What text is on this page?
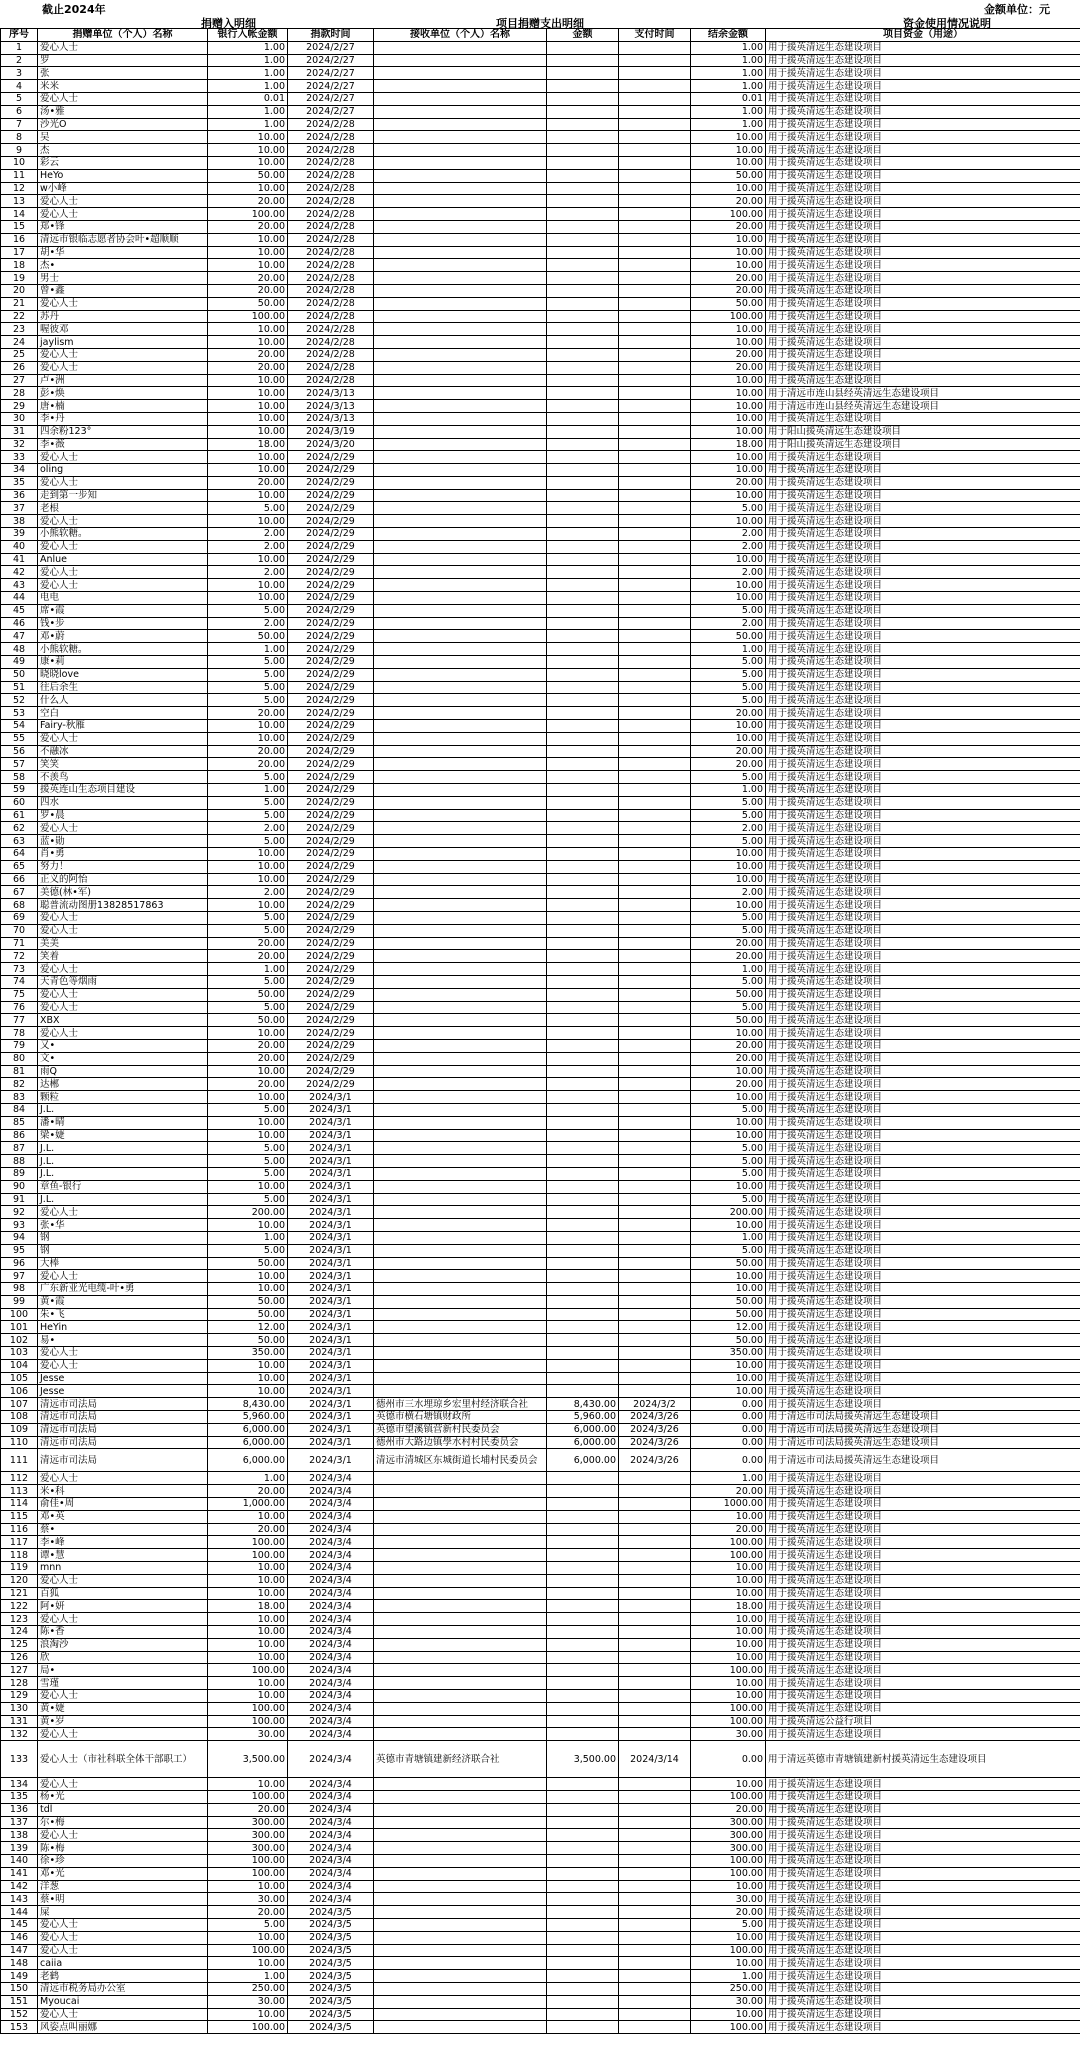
截止2024年	金额单位：元
捐赠入明细	项目捐赠支出明细	资金使用情况说明
序号	捐赠单位（个人）名称	银行入帐金额	捐款时间	接收单位（个人）名称	金额	支付时间	结余金额	项目资金（用途）
1	爱心人士	1.00	2024/2/27				1.00	用于援英清远生态建设项目
2	罗	1.00	2024/2/27				1.00	用于援英清远生态建设项目
3	张	1.00	2024/2/27				1.00	用于援英清远生态建设项目
4	米米	1.00	2024/2/27				1.00	用于援英清远生态建设项目
5	爱心人士	0.01	2024/2/27				0.01	用于援英清远生态建设项目
6	汤•雅	1.00	2024/2/27				1.00	用于援英清远生态建设项目
7	沙光O	1.00	2024/2/28				1.00	用于援英清远生态建设项目
8	吴	10.00	2024/2/28				10.00	用于援英清远生态建设项目
9	杰	10.00	2024/2/28				10.00	用于援英清远生态建设项目
10	彩云	10.00	2024/2/28				10.00	用于援英清远生态建设项目
11	HeYo	50.00	2024/2/28				50.00	用于援英清远生态建设项目
12	w小峰	10.00	2024/2/28				10.00	用于援英清远生态建设项目
13	爱心人士	20.00	2024/2/28				20.00	用于援英清远生态建设项目
14	爱心人士	100.00	2024/2/28				100.00	用于援英清远生态建设项目
15	郑•锋	20.00	2024/2/28				20.00	用于援英清远生态建设项目
16	清远市银临志愿者协会叶•超顺顺	10.00	2024/2/28				10.00	用于援英清远生态建设项目
17	胡•华	10.00	2024/2/28				10.00	用于援英清远生态建设项目
18	杰•	10.00	2024/2/28				10.00	用于援英清远生态建设项目
19	男士	20.00	2024/2/28				20.00	用于援英清远生态建设项目
20	曾•鑫	20.00	2024/2/28				20.00	用于援英清远生态建设项目
21	爱心人士	50.00	2024/2/28				50.00	用于援英清远生态建设项目
22	苏丹	100.00	2024/2/28				100.00	用于援英清远生态建设项目
23	喔彼邓	10.00	2024/2/28				10.00	用于援英清远生态建设项目
24	jaylism	10.00	2024/2/28				10.00	用于援英清远生态建设项目
25	爱心人士	20.00	2024/2/28				20.00	用于援英清远生态建设项目
26	爱心人士	20.00	2024/2/28				20.00	用于援英清远生态建设项目
27	卢•洲	10.00	2024/2/28				10.00	用于援英清远生态建设项目
28	彭•焕	10.00	2024/3/13				10.00	用于清远市连山县经英清远生态建设项目
29	唐•楠	10.00	2024/3/13				10.00	用于清远市连山县经英清远生态建设项目
30	李•丹	10.00	2024/3/13				10.00	用于援英清远生态建设项目
31	四余粉123°	10.00	2024/3/19				10.00	用于阳山援英清远生态建设项目
32	李•薇	18.00	2024/3/20				18.00	用于阳山援英清远生态建设项目
33	爱心人士	10.00	2024/2/29				10.00	用于援英清远生态建设项目
34	oling	10.00	2024/2/29				10.00	用于援英清远生态建设项目
35	爱心人士	20.00	2024/2/29				20.00	用于援英清远生态建设项目
36	走到第一步知	10.00	2024/2/29				10.00	用于援英清远生态建设项目
37	老根	5.00	2024/2/29				5.00	用于援英清远生态建设项目
38	爱心人士	10.00	2024/2/29				10.00	用于援英清远生态建设项目
39	小熊软糖。	2.00	2024/2/29				2.00	用于援英清远生态建设项目
40	爱心人士	2.00	2024/2/29				2.00	用于援英清远生态建设项目
41	Anlue	10.00	2024/2/29				10.00	用于援英清远生态建设项目
42	爱心人士	2.00	2024/2/29				2.00	用于援英清远生态建设项目
43	爱心人士	10.00	2024/2/29				10.00	用于援英清远生态建设项目
44	电电	10.00	2024/2/29				10.00	用于援英清远生态建设项目
45	席•霞	5.00	2024/2/29				5.00	用于援英清远生态建设项目
46	钱•步	2.00	2024/2/29				2.00	用于援英清远生态建设项目
47	邓•蔚	50.00	2024/2/29				50.00	用于援英清远生态建设项目
48	小熊软糖。	1.00	2024/2/29				1.00	用于援英清远生态建设项目
49	康•莉	5.00	2024/2/29				5.00	用于援英清远生态建设项目
50	晓晓love	5.00	2024/2/29				5.00	用于援英清远生态建设项目
51	往后余生	5.00	2024/2/29				5.00	用于援英清远生态建设项目
52	什么人	5.00	2024/2/29				5.00	用于援英清远生态建设项目
53	空白	20.00	2024/2/29				20.00	用于援英清远生态建设项目
54	Fairy-秋雁	10.00	2024/2/29				10.00	用于援英清远生态建设项目
55	爱心人士	10.00	2024/2/29				10.00	用于援英清远生态建设项目
56	不融冰	20.00	2024/2/29				20.00	用于援英清远生态建设项目
57	笑笑	20.00	2024/2/29				20.00	用于援英清远生态建设项目
58	不羡鸟	5.00	2024/2/29				5.00	用于援英清远生态建设项目
59	援英连山生态项目建设	1.00	2024/2/29				1.00	用于援英清远生态建设项目
60	四水	5.00	2024/2/29				5.00	用于援英清远生态建设项目
61	罗•晨	5.00	2024/2/29				5.00	用于援英清远生态建设项目
62	爱心人士	2.00	2024/2/29				2.00	用于援英清远生态建设项目
63	蓝•勋	5.00	2024/2/29				5.00	用于援英清远生态建设项目
64	肖•勇	10.00	2024/2/29				10.00	用于援英清远生态建设项目
65	努力！	10.00	2024/2/29				10.00	用于援英清远生态建设项目
66	正义的阿怡	10.00	2024/2/29				10.00	用于援英清远生态建设项目
67	美德(林•军)	2.00	2024/2/29				2.00	用于援英清远生态建设项目
68	聪普流动图册13828517863	10.00	2024/2/29				10.00	用于援英清远生态建设项目
69	爱心人士	5.00	2024/2/29				5.00	用于援英清远生态建设项目
70	爱心人士	5.00	2024/2/29				5.00	用于援英清远生态建设项目
71	美美	20.00	2024/2/29				20.00	用于援英清远生态建设项目
72	笑着	20.00	2024/2/29				20.00	用于援英清远生态建设项目
73	爱心人士	1.00	2024/2/29				1.00	用于援英清远生态建设项目
74	天青色等烟雨	5.00	2024/2/29				5.00	用于援英清远生态建设项目
75	爱心人士	50.00	2024/2/29				50.00	用于援英清远生态建设项目
76	爱心人士	5.00	2024/2/29				5.00	用于援英清远生态建设项目
77	XBX	50.00	2024/2/29				50.00	用于援英清远生态建设项目
78	爱心人士	10.00	2024/2/29				10.00	用于援英清远生态建设项目
79	又•	20.00	2024/2/29				20.00	用于援英清远生态建设项目
80	文•	20.00	2024/2/29				20.00	用于援英清远生态建设项目
81	雨Q	10.00	2024/2/29				10.00	用于援英清远生态建设项目
82	达郴	20.00	2024/2/29				20.00	用于援英清远生态建设项目
83	颗粒	10.00	2024/3/1				10.00	用于援英清远生态建设项目
84	J.L.	5.00	2024/3/1				5.00	用于援英清远生态建设项目
85	潘•晴	10.00	2024/3/1				10.00	用于援英清远生态建设项目
86	梁•婕	10.00	2024/3/1				10.00	用于援英清远生态建设项目
87	J.L.	5.00	2024/3/1				5.00	用于援英清远生态建设项目
88	J.L.	5.00	2024/3/1				5.00	用于援英清远生态建设项目
89	J.L.	5.00	2024/3/1				5.00	用于援英清远生态建设项目
90	章鱼-银行	10.00	2024/3/1				10.00	用于援英清远生态建设项目
91	J.L.	5.00	2024/3/1				5.00	用于援英清远生态建设项目
92	爱心人士	200.00	2024/3/1				200.00	用于援英清远生态建设项目
93	张•华	10.00	2024/3/1				10.00	用于援英清远生态建设项目
94	钢	1.00	2024/3/1				1.00	用于援英清远生态建设项目
95	钢	5.00	2024/3/1				5.00	用于援英清远生态建设项目
96	大棒	50.00	2024/3/1				50.00	用于援英清远生态建设项目
97	爱心人士	10.00	2024/3/1				10.00	用于援英清远生态建设项目
98	广东新亚光电缆-叶•勇	10.00	2024/3/1				10.00	用于援英清远生态建设项目
99	黄•霞	50.00	2024/3/1				50.00	用于援英清远生态建设项目
100	朱•飞	50.00	2024/3/1				50.00	用于援英清远生态建设项目
101	HeYin	12.00	2024/3/1				12.00	用于援英清远生态建设项目
102	易•	50.00	2024/3/1				50.00	用于援英清远生态建设项目
103	爱心人士	350.00	2024/3/1				350.00	用于援英清远生态建设项目
104	爱心人士	10.00	2024/3/1				10.00	用于援英清远生态建设项目
105	Jesse	10.00	2024/3/1				10.00	用于援英清远生态建设项目
106	Jesse	10.00	2024/3/1				10.00	用于援英清远生态建设项目
107	清远市司法局	8,430.00	2024/3/1	德州市三水埋琼乡宏里村经济联合社	8,430.00	2024/3/2	0.00	用于援英清远生态建设项目
108	清远市司法局	5,960.00	2024/3/1	英德市横石塘镇财政所	5,960.00	2024/3/26	0.00	用于清远市司法局援英清远生态建设项目
109	清远市司法局	6,000.00	2024/3/1	英德市望溪镇营新村民委员会	6,000.00	2024/3/26	0.00	用于清远市司法局援英清远生态建设项目
110	清远市司法局	6,000.00	2024/3/1	德州市大路边镇學水村村民委员会	6,000.00	2024/3/26	0.00	用于清远市司法局援英清远生态建设项目
111	清远市司法局	6,000.00	2024/3/1	清远市清城区东城街道长埔村民委员会	6,000.00	2024/3/26	0.00	用于清远市司法局援英清远生态建设项目
112	爱心人士	1.00	2024/3/4				1.00	用于援英清远生态建设项目
113	米•科	20.00	2024/3/4				20.00	用于援英清远生态建设项目
114	俞佳•周	1,000.00	2024/3/4				1000.00	用于援英清远生态建设项目
115	邓•英	10.00	2024/3/4				10.00	用于援英清远生态建设项目
116	蔡•	20.00	2024/3/4				20.00	用于援英清远生态建设项目
117	李•峰	100.00	2024/3/4				100.00	用于援英清远生态建设项目
118	谭•慧	100.00	2024/3/4				100.00	用于援英清远生态建设项目
119	mnn	10.00	2024/3/4				10.00	用于援英清远生态建设项目
120	爱心人士	10.00	2024/3/4				10.00	用于援英清远生态建设项目
121	百狐	10.00	2024/3/4				10.00	用于援英清远生态建设项目
122	阿•妍	18.00	2024/3/4				18.00	用于援英清远生态建设项目
123	爱心人士	10.00	2024/3/4				10.00	用于援英清远生态建设项目
124	陈•香	10.00	2024/3/4				10.00	用于援英清远生态建设项目
125	浪淘沙	10.00	2024/3/4				10.00	用于援英清远生态建设项目
126	欣	10.00	2024/3/4				10.00	用于援英清远生态建设项目
127	局•	100.00	2024/3/4				100.00	用于援英清远生态建设项目
128	雪瑾	10.00	2024/3/4				10.00	用于援英清远生态建设项目
129	爱心人士	10.00	2024/3/4				10.00	用于援英清远生态建设项目
130	黄•婕	100.00	2024/3/4				100.00	用于援英清远生态建设项目
131	黄•岁	100.00	2024/3/4				100.00	用于援英清远公益行项目
132	爱心人士	30.00	2024/3/4				30.00	用于援英清远生态建设项目
133	爱心人士（市社科联全体干部职工）	3,500.00	2024/3/4	英德市青塘镇建新经济联合社	3,500.00	2024/3/14	0.00	用于清远英德市青塘镇建新村援英清远生态建设项目
134	爱心人士	10.00	2024/3/4				10.00	用于援英清远生态建设项目
135	杨•光	100.00	2024/3/4				100.00	用于援英清远生态建设项目
136	tdl	20.00	2024/3/4				20.00	用于援英清远生态建设项目
137	尔•梅	300.00	2024/3/4				300.00	用于援英清远生态建设项目
138	爱心人士	300.00	2024/3/4				300.00	用于援英清远生态建设项目
139	陈•梅	300.00	2024/3/4				300.00	用于援英清远生态建设项目
140	徐•珍	100.00	2024/3/4				100.00	用于援英清远生态建设项目
141	邓•光	100.00	2024/3/4				100.00	用于援英清远生态建设项目
142	洋葱	10.00	2024/3/4				10.00	用于援英清远生态建设项目
143	蔡•明	30.00	2024/3/4				30.00	用于援英清远生态建设项目
144	屎	20.00	2024/3/5				20.00	用于援英清远生态建设项目
145	爱心人士	5.00	2024/3/5				5.00	用于援英清远生态建设项目
146	爱心人士	10.00	2024/3/5				10.00	用于援英清远生态建设项目
147	爱心人士	100.00	2024/3/5				100.00	用于援英清远生态建设项目
148	caiia	10.00	2024/3/5				10.00	用于援英清远生态建设项目
149	老鹤	1.00	2024/3/5				1.00	用于援英清远生态建设项目
150	清远市税务局办公室	250.00	2024/3/5				250.00	用于援英清远生态建设项目
151	Myoucai	30.00	2024/3/5				30.00	用于援英清远生态建设项目
152	爱心人士	10.00	2024/3/5				10.00	用于援英清远生态建设项目
153	风姿点叫丽娜	100.00	2024/3/5				100.00	用于援英清远生态建设项目
